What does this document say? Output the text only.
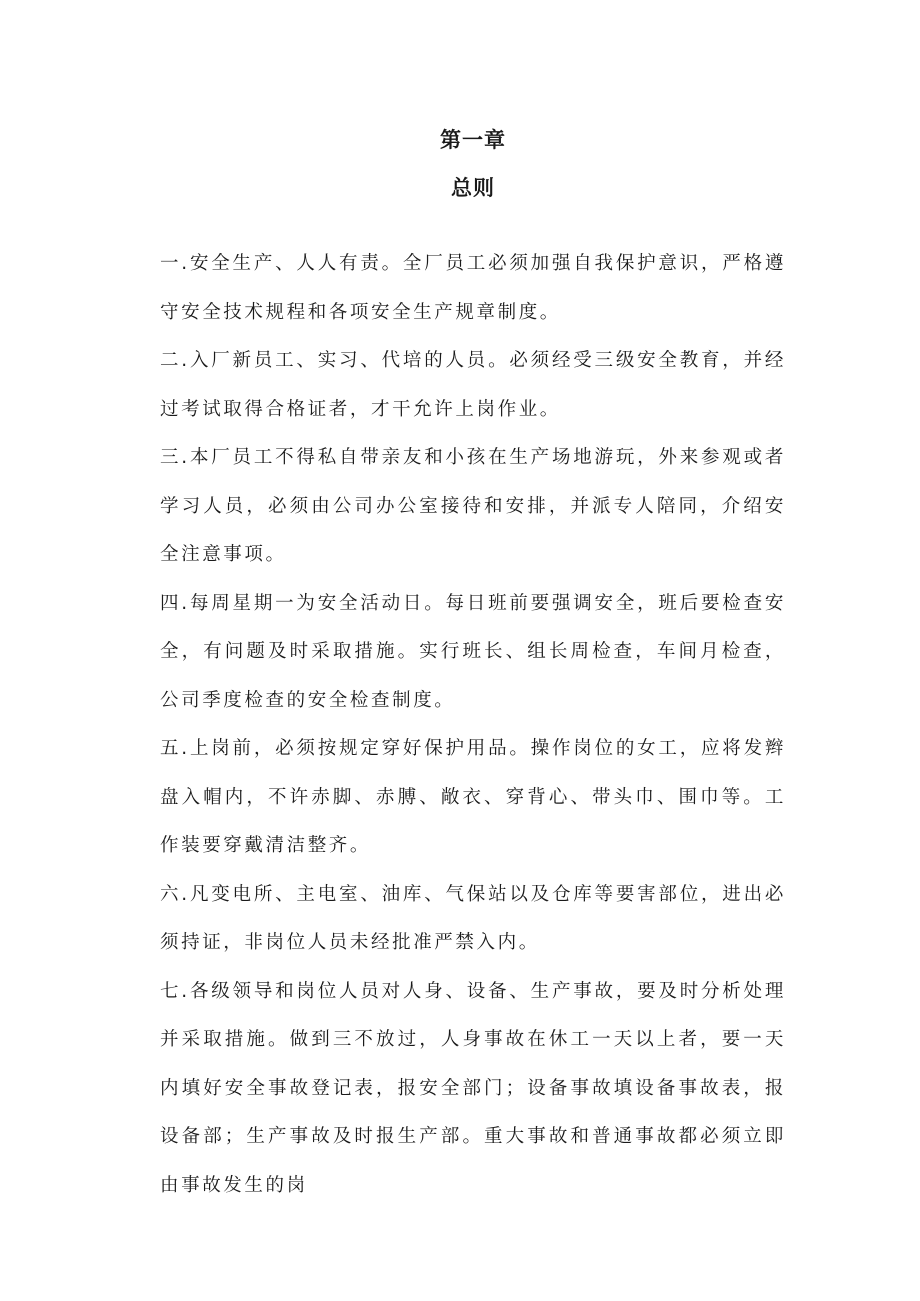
第一章
总则

一.安全生产、人人有责。全厂员工必须加强自我保护意识，严格遵守安全技术规程和各项安全生产规章制度。

二.入厂新员工、实习、代培的人员。必须经受三级安全教育，并经过考试取得合格证者，才干允许上岗作业。

三.本厂员工不得私自带亲友和小孩在生产场地游玩，外来参观或者学习人员，必须由公司办公室接待和安排，并派专人陪同，介绍安全注意事项。

四.每周星期一为安全活动日。每日班前要强调安全，班后要检查安全，有问题及时采取措施。实行班长、组长周检查，车间月检查，公司季度检查的安全检查制度。

五.上岗前，必须按规定穿好保护用品。操作岗位的女工，应将发辫盘入帽内，不许赤脚、赤膊、敞衣、穿背心、带头巾、围巾等。工作装要穿戴清洁整齐。

六.凡变电所、主电室、油库、气保站以及仓库等要害部位，进出必须持证，非岗位人员未经批准严禁入内。

七.各级领导和岗位人员对人身、设备、生产事故，要及时分析处理并采取措施。做到三不放过，人身事故在休工一天以上者，要一天内填好安全事故登记表，报安全部门；设备事故填设备事故表，报设备部；生产事故及时报生产部。重大事故和普通事故都必须立即由事故发生的岗
